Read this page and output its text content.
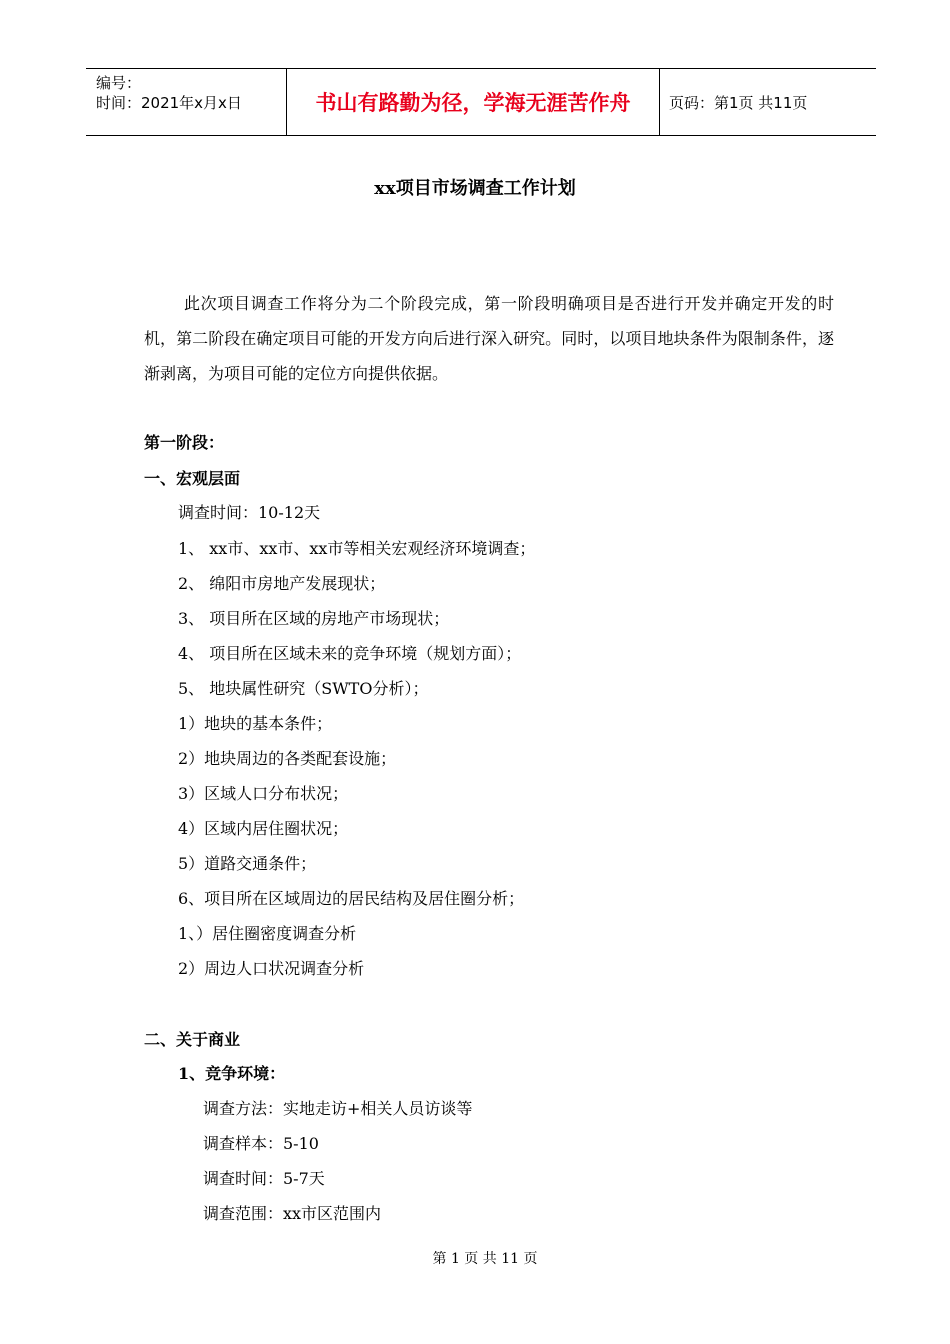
编号：
时间：2021年x月x日	书山有路勤为径，学海无涯苦作舟	页码：第1页 共11页
xx项目市场调查工作计划
此次项目调查工作将分为二个阶段完成，第一阶段明确项目是否进行开发并确定开发的时机，第二阶段在确定项目可能的开发方向后进行深入研究。同时，以项目地块条件为限制条件，逐渐剥离，为项目可能的定位方向提供依据。
第一阶段：
一、宏观层面
调查时间：10-12天
1、 xx市、xx市、xx市等相关宏观经济环境调查；
2、 绵阳市房地产发展现状；
3、 项目所在区域的房地产市场现状；
4、 项目所在区域未来的竞争环境（规划方面）；
5、 地块属性研究（SWTO分析）；
1）地块的基本条件；
2）地块周边的各类配套设施；
3）区域人口分布状况；
4）区域内居住圈状况；
5）道路交通条件；
6、项目所在区域周边的居民结构及居住圈分析；
1、）居住圈密度调查分析
2）周边人口状况调查分析
二、关于商业
1、竞争环境：
调查方法：实地走访+相关人员访谈等
调查样本：5-10
调查时间：5-7天
调查范围：xx市区范围内
第 1 页 共 11 页
